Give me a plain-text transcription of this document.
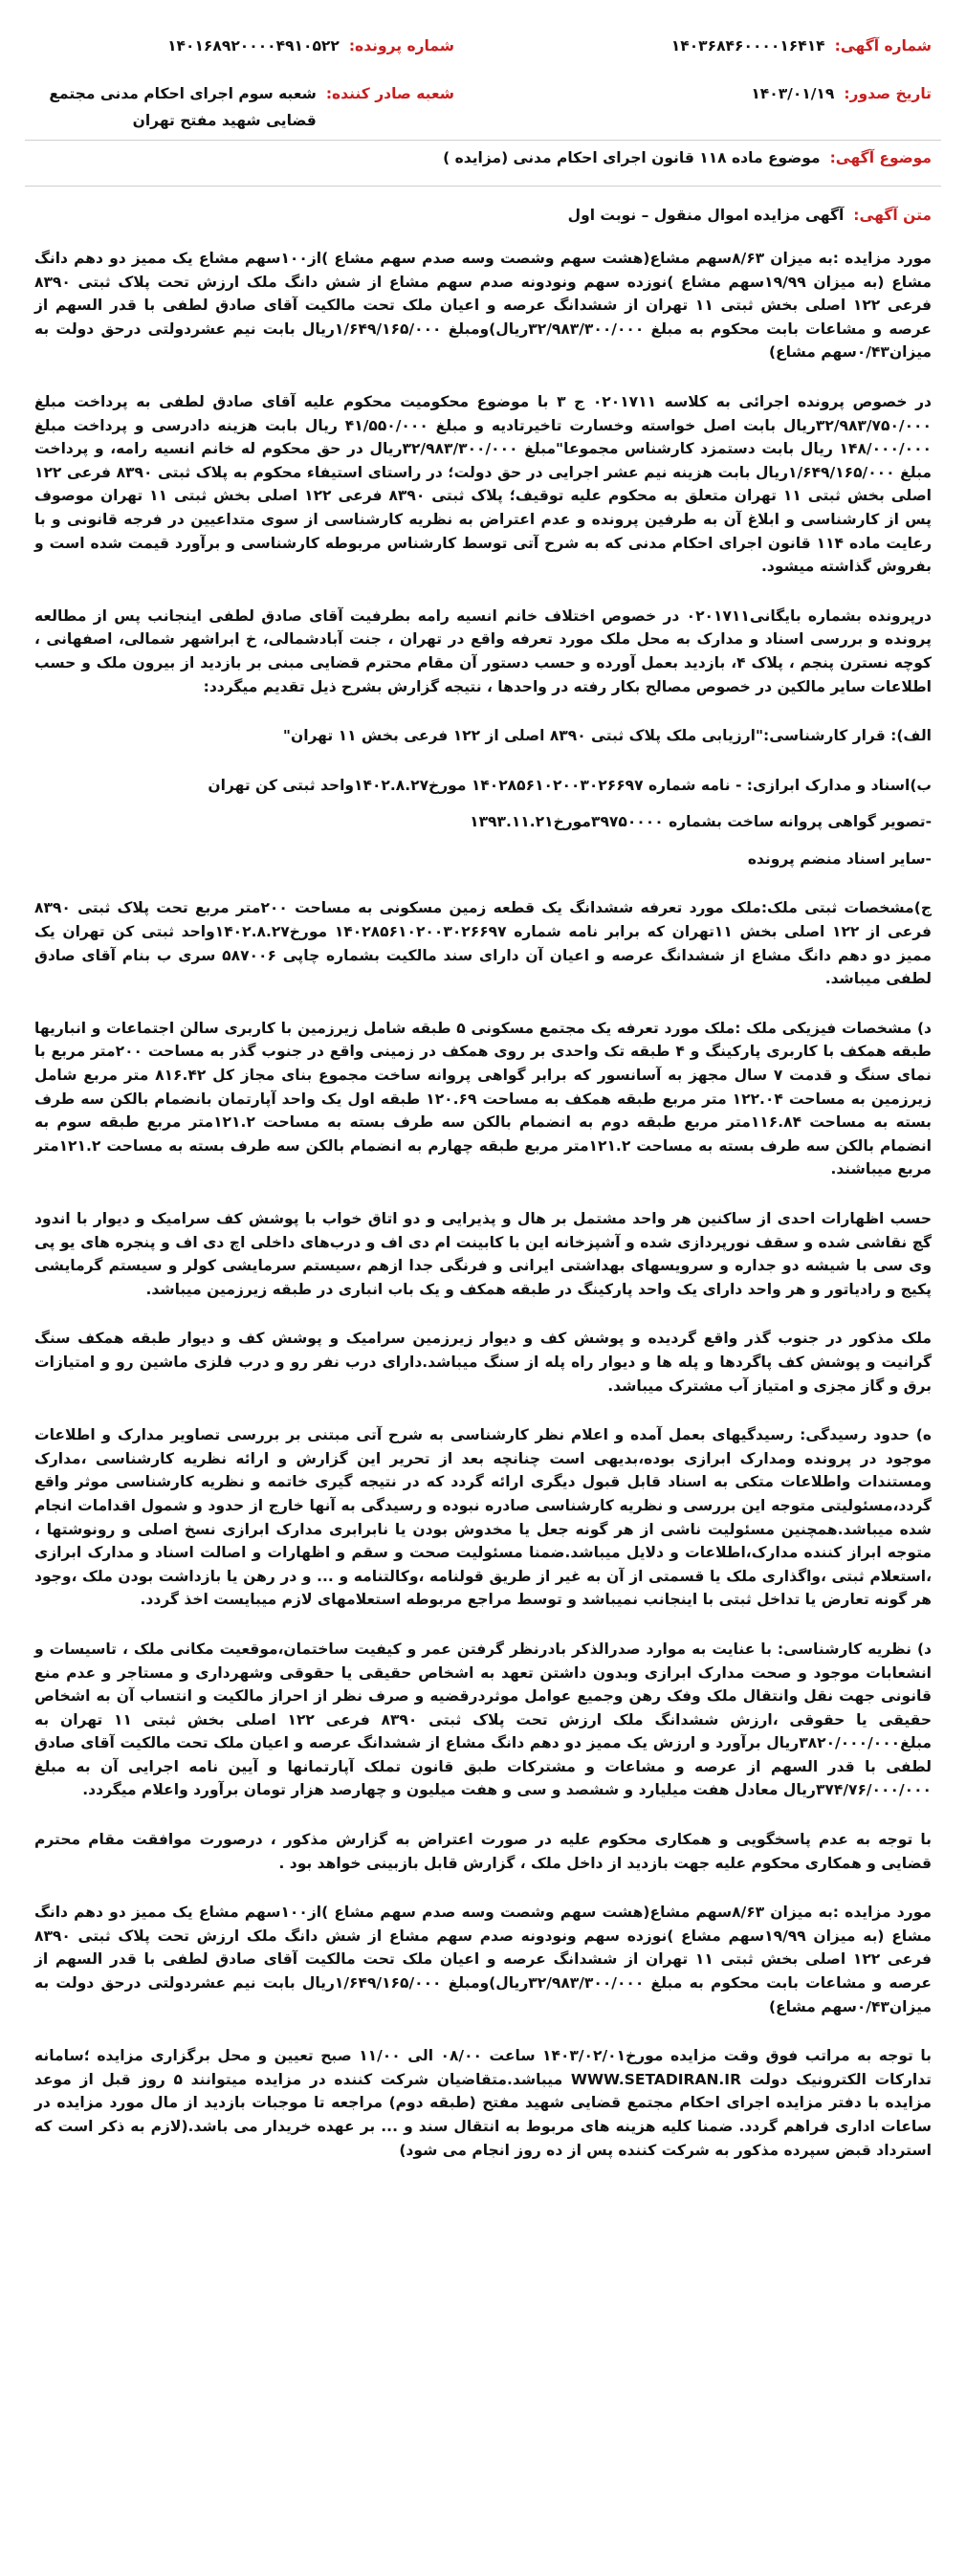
شماره آگهی:
۱۴۰۳۶۸۴۶۰۰۰۰۱۶۴۱۴
شماره پرونده:
۱۴۰۱۶۸۹۲۰۰۰۰۴۹۱۰۵۲۲
تاریخ صدور:
۱۴۰۳/۰۱/۱۹
شعبه صادر کننده:
شعبه سوم اجرای احکام مدنی مجتمع قضایی شهید مفتح تهران
موضوع آگهی:
موضوع ماده ۱۱۸ قانون اجرای احکام مدنی (مزایده )
متن آگهی:
آگهی مزایده اموال منقول – نوبت اول

مورد مزایده :به میزان ۸/۶۳سهم مشاع(هشت سهم وشصت وسه صدم سهم مشاع )از۱۰۰سهم مشاع یک ممیز دو دهم دانگ مشاع (به میزان ۱۹/۹۹سهم مشاع )نوزده سهم ونودونه صدم سهم مشاع از شش دانگ ملک ارزش تحت پلاک ثبتی ۸۳۹۰ فرعی ۱۲۲ اصلی بخش ثبتی ۱۱ تهران از ششدانگ عرصه و اعیان ملک تحت مالکیت آقای صادق لطفی با قدر السهم از عرصه و مشاعات بابت محکوم به مبلغ ۳۲/۹۸۳/۳۰۰/۰۰۰ریال)ومبلغ ۱/۶۴۹/۱۶۵/۰۰۰ریال بابت نیم عشردولتی درحق دولت به میزان۰/۴۳سهم مشاع)

در خصوص پرونده اجرائی به کلاسه ۰۲۰۱۷۱۱ ج ۳ با موضوع محکومیت محکوم علیه آقای صادق لطفی به پرداخت مبلغ ۳۲/۹۸۳/۷۵۰/۰۰۰ریال بابت اصل خواسته وخسارت تاخیرتادیه و مبلغ ۴۱/۵۵۰/۰۰۰ ریال بابت هزینه دادرسی و پرداخت مبلغ ۱۴۸/۰۰۰/۰۰۰ ریال بابت دستمزد کارشناس مجموعا"مبلغ ۳۲/۹۸۳/۳۰۰/۰۰۰ریال در حق محکوم له خانم انسیه رامه، و پرداخت مبلغ ۱/۶۴۹/۱۶۵/۰۰۰ریال بابت هزینه نیم عشر اجرایی در حق دولت؛ در راستای استیفاء محکوم به پلاک ثبتی ۸۳۹۰ فرعی ۱۲۲ اصلی بخش ثبتی ۱۱ تهران متعلق به محکوم علیه توقیف؛ پلاک ثبتی ۸۳۹۰ فرعی ۱۲۲ اصلی بخش ثبتی ۱۱ تهران موصوف پس از کارشناسی و ابلاغ آن به طرفین پرونده و عدم اعتراض به نظریه کارشناسی از سوی متداعیین در فرجه قانونی و با رعایت ماده ۱۱۴ قانون اجرای احکام مدنی که به شرح آتی توسط کارشناس مربوطه کارشناسی و برآورد قیمت شده است و بفروش گذاشته میشود.

درپرونده بشماره بایگانی۰۲۰۱۷۱۱ در خصوص اختلاف خانم انسیه رامه بطرفیت آقای صادق لطفی اینجانب پس از مطالعه پرونده و بررسی اسناد و مدارک به محل ملک مورد تعرفه واقع در تهران ، جنت آبادشمالی، خ ابراشهر شمالی، اصفهانی ، کوچه نسترن پنجم ، پلاک ۴، بازدید بعمل آورده و حسب دستور آن مقام محترم قضایی مبنی بر بازدید از بیرون ملک و حسب اطلاعات سایر مالکین در خصوص مصالح بکار رفته در واحدها ، نتیجه گزارش بشرح ذیل تقدیم میگردد:

الف): قرار کارشناسی:"ارزیابی ملک پلاک ثبتی ۸۳۹۰ اصلی از ۱۲۲ فرعی بخش ۱۱ تهران"

ب)اسناد و مدارک ابرازی: - نامه شماره ۱۴۰۲۸۵۶۱۰۲۰۰۳۰۲۶۶۹۷ مورخ۱۴۰۲.۸.۲۷واحد ثبتی کن تهران

-تصویر گواهی پروانه ساخت بشماره ۳۹۷۵۰۰۰۰مورخ۱۳۹۳.۱۱.۲۱

-سایر اسناد منضم پرونده

ج)مشخصات ثبتی ملک:ملک مورد تعرفه ششدانگ یک قطعه زمین مسکونی به مساحت ۲۰۰متر مربع تحت پلاک ثبتی ۸۳۹۰ فرعی از ۱۲۲ اصلی بخش ۱۱تهران که برابر نامه شماره ۱۴۰۲۸۵۶۱۰۲۰۰۳۰۲۶۶۹۷ مورخ۱۴۰۲.۸.۲۷واحد ثبتی کن تهران یک ممیز دو دهم دانگ مشاع از ششدانگ عرصه و اعیان آن دارای سند مالکیت بشماره چاپی ۵۸۷۰۰۶ سری ب بنام آقای صادق لطفی میباشد.

د) مشخصات فیزیکی ملک :ملک مورد تعرفه یک مجتمع مسکونی ۵ طبقه شامل زیرزمین با کاربری سالن اجتماعات و انباریها طبقه همکف با کاربری پارکینگ و ۴ طبقه تک واحدی بر روی همکف در زمینی واقع در جنوب گذر به مساحت ۲۰۰متر مربع با نمای سنگ و قدمت ۷ سال مجهز به آسانسور که برابر گواهی پروانه ساخت مجموع بنای مجاز کل ۸۱۶.۴۲ متر مربع شامل زیرزمین به مساحت ۱۲۲.۰۴ متر مربع طبقه همکف به مساحت ۱۲۰.۶۹ طبقه اول یک واحد آپارتمان بانضمام بالکن سه طرف بسته به مساحت ۱۱۶.۸۴متر مربع طبقه دوم به انضمام بالکن سه طرف بسته به مساحت ۱۲۱.۲متر مربع طبقه سوم به انضمام بالکن سه طرف بسته به مساحت ۱۲۱.۲متر مربع طبقه چهارم به انضمام بالکن سه طرف بسته به مساحت ۱۲۱.۲متر مربع میباشند.

حسب اظهارات احدی از ساکنین هر واحد مشتمل بر هال و پذیرایی و دو اتاق خواب با پوشش کف سرامیک و دیوار با اندود گچ نقاشی شده و سقف نورپردازی شده و آشپزخانه این با کابینت ام دی اف و درب‌های داخلی اچ دی اف و پنجره های یو پی وی سی با شیشه دو جداره و سرویسهای بهداشتی ایرانی و فرنگی جدا ازهم ،سیستم سرمایشی کولر و سیستم گرمایشی پکیج و رادیاتور و هر واحد دارای یک واحد پارکینگ در طبقه همکف و یک باب انباری در طبقه زیرزمین میباشد.

ملک مذکور در جنوب گذر واقع گردیده و پوشش کف و دیوار زیرزمین سرامیک و پوشش کف و دیوار طبقه همکف سنگ گرانیت و پوشش کف پاگردها و پله ها و دیوار راه پله از سنگ میباشد.دارای درب نفر رو و درب فلزی ماشین رو و امتیازات برق و گاز مجزی و امتیاز آب مشترک میباشد.

ه) حدود رسیدگی: رسیدگیهای بعمل آمده و اعلام نظر کارشناسی به شرح آتی مبتنی بر بررسی تصاویر مدارک و اطلاعات موجود در پرونده ومدارک ابرازی بوده،بدیهی است چنانچه بعد از تحریر این گزارش و ارائه نظریه کارشناسی ،مدارک ومستندات واطلاعات متکی به اسناد قابل قبول دیگری ارائه گردد که در نتیجه گیری خاتمه و نظریه کارشناسی موثر واقع گردد،مسئولیتی متوجه این بررسی و نظریه کارشناسی صادره نبوده و رسیدگی به آنها خارج از حدود و شمول اقدامات انجام شده میباشد.همچنین مسئولیت ناشی از هر گونه جعل یا مخدوش بودن یا نابرابری مدارک ابرازی نسخ اصلی و رونوشتها ، متوجه ابراز کننده مدارک،اطلاعات و دلایل میباشد.ضمنا مسئولیت صحت و سقم و اظهارات و اصالت اسناد و مدارک ابرازی ،استعلام ثبتی ،واگذاری ملک یا قسمتی از آن به غیر از طریق قولنامه ،وکالتنامه و ... و در رهن یا بازداشت بودن ملک ،وجود هر گونه تعارض یا تداخل ثبتی با اینجانب نمیباشد و توسط مراجع مربوطه استعلامهای لازم میبایست اخذ گردد.

د) نظریه کارشناسی: با عنایت به موارد صدرالذکر بادرنظر گرفتن عمر و کیفیت ساختمان،موقعیت مکانی ملک ، تاسیسات و انشعابات موجود و صحت مدارک ابرازی وبدون داشتن تعهد به اشخاص حقیقی یا حقوقی وشهرداری و مستاجر و عدم منع قانونی جهت نقل وانتقال ملک وفک رهن وجمیع عوامل موثردرقضیه و صرف نظر از احراز مالکیت و انتساب آن به اشخاص حقیقی یا حقوقی ،ارزش ششدانگ ملک ارزش تحت پلاک ثبتی ۸۳۹۰ فرعی ۱۲۲ اصلی بخش ثبتی ۱۱ تهران به مبلغ۳۸۲۰/۰۰۰/۰۰۰ریال برآورد و ارزش یک ممیز دو دهم دانگ مشاع از ششدانگ عرصه و اعیان ملک تحت مالکیت آقای صادق لطفی با قدر السهم از عرصه و مشاعات و مشترکات طبق قانون تملک آپارتمانها و آیین نامه اجرایی آن به مبلغ ۳۷۴/۷۶/۰۰۰/۰۰۰ریال معادل هفت میلیارد و ششصد و سی و هفت میلیون و چهارصد هزار تومان برآورد واعلام میگردد.

با توجه به عدم پاسخگویی و همکاری محکوم علیه در صورت اعتراض به گزارش مذکور ، درصورت موافقت مقام محترم قضایی و همکاری محکوم علیه جهت بازدید از داخل ملک ، گزارش قابل بازبینی خواهد بود .

مورد مزایده :به میزان ۸/۶۳سهم مشاع(هشت سهم وشصت وسه صدم سهم مشاع )از۱۰۰سهم مشاع یک ممیز دو دهم دانگ مشاع (به میزان ۱۹/۹۹سهم مشاع )نوزده سهم ونودونه صدم سهم مشاع از شش دانگ ملک ارزش تحت پلاک ثبتی ۸۳۹۰ فرعی ۱۲۲ اصلی بخش ثبتی ۱۱ تهران از ششدانگ عرصه و اعیان ملک تحت مالکیت آقای صادق لطفی با قدر السهم از عرصه و مشاعات بابت محکوم به مبلغ ۳۲/۹۸۳/۳۰۰/۰۰۰ریال)ومبلغ ۱/۶۴۹/۱۶۵/۰۰۰ریال بابت نیم عشردولتی درحق دولت به میزان۰/۴۳سهم مشاع)

با توجه به مراتب فوق وقت مزایده مورخ۱۴۰۳/۰۲/۰۱ ساعت ۰۸/۰۰ الی ۱۱/۰۰ صبح تعیین و محل برگزاری مزایده ؛سامانه تدارکات الکترونیک دولت WWW.SETADIRAN.IR میباشد.متقاضیان شرکت کننده در مزایده میتوانند ۵ روز قبل از موعد مزایده با دفتر مزایده اجرای احکام مجتمع قضایی شهید مفتح (طبقه دوم) مراجعه تا موجبات بازدید از مال مورد مزایده در ساعات اداری فراهم گردد. ضمنا کلیه هزینه های مربوط به انتقال سند و ... بر عهده خریدار می باشد.(لازم به ذکر است که استرداد قبض سپرده مذکور به شرکت کننده پس از ده روز انجام می شود)
